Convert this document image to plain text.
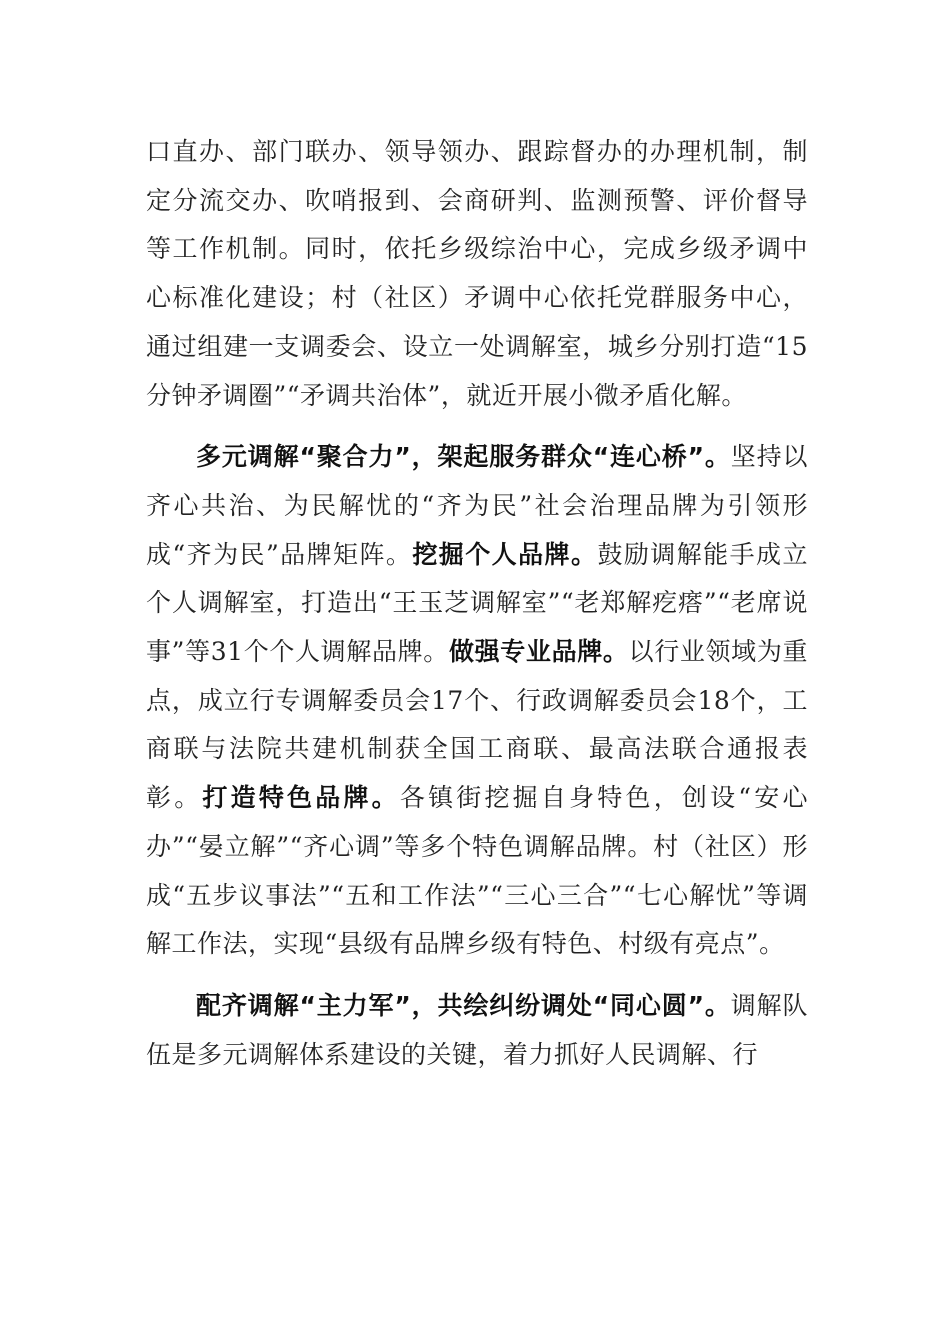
口直办、部门联办、领导领办、跟踪督办的办理机制，制定分流交办、吹哨报到、会商研判、监测预警、评价督导等工作机制。同时，依托乡级综治中心，完成乡级矛调中心标准化建设；村（社区）矛调中心依托党群服务中心，通过组建一支调委会、设立一处调解室，城乡分别打造“15分钟矛调圈”“矛调共治体”，就近开展小微矛盾化解。

多元调解“聚合力”，架起服务群众“连心桥”。坚持以齐心共治、为民解忧的“齐为民”社会治理品牌为引领形成“齐为民”品牌矩阵。挖掘个人品牌。鼓励调解能手成立个人调解室，打造出“王玉芝调解室”“老郑解疙瘩”“老席说事”等31个个人调解品牌。做强专业品牌。以行业领域为重点，成立行专调解委员会17个、行政调解委员会18个，工商联与法院共建机制获全国工商联、最高法联合通报表彰。打造特色品牌。各镇街挖掘自身特色，创设“安心办”“晏立解”“齐心调”等多个特色调解品牌。村（社区）形成“五步议事法”“五和工作法”“三心三合”“七心解忧”等调解工作法，实现“县级有品牌乡级有特色、村级有亮点”。

配齐调解“主力军”，共绘纠纷调处“同心圆”。调解队伍是多元调解体系建设的关键，着力抓好人民调解、行
